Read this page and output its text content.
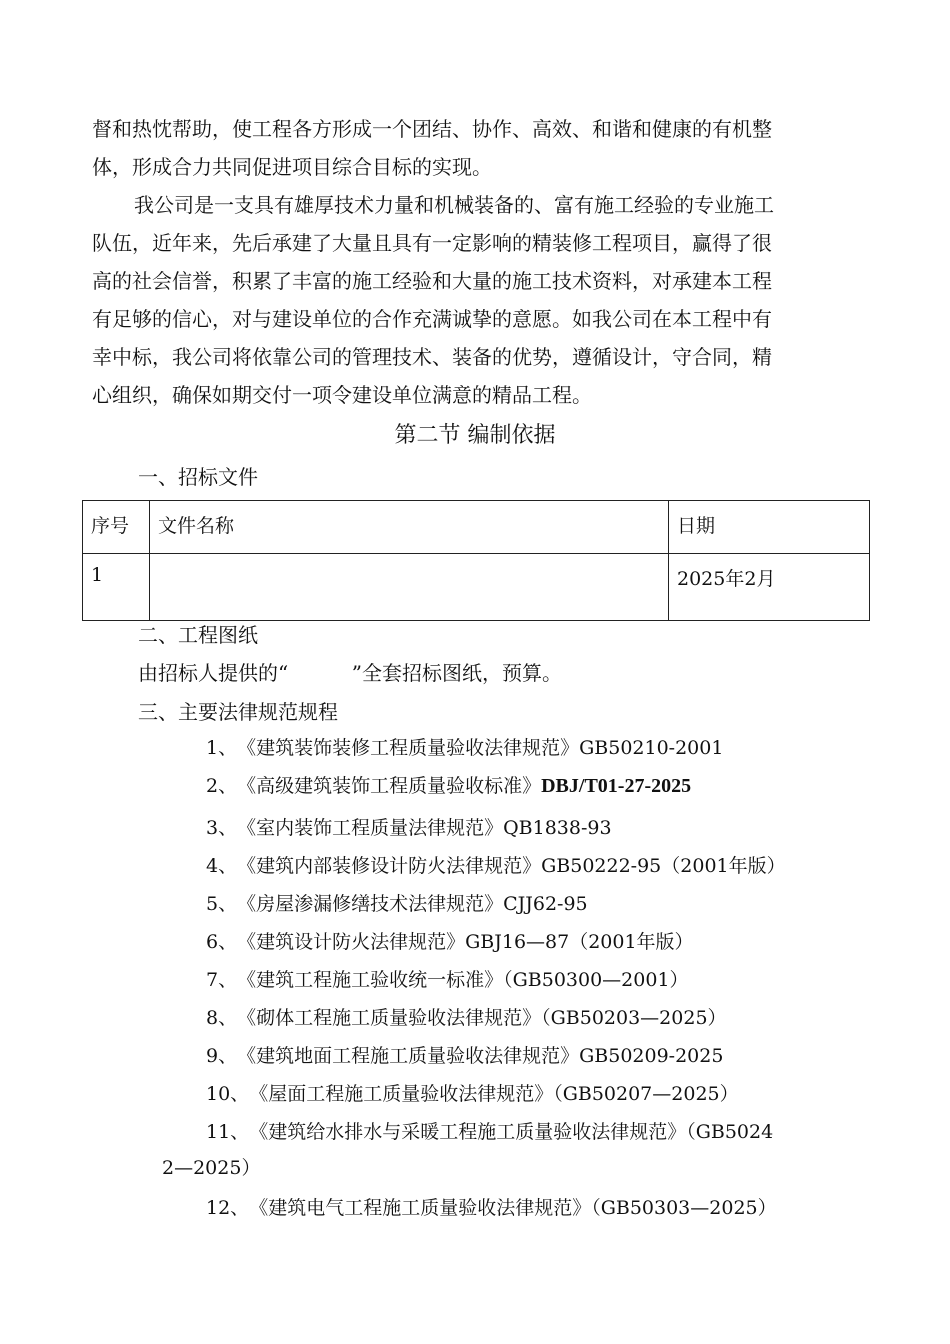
督和热忱帮助，使工程各方形成一个团结、协作、高效、和谐和健康的有机整
体，形成合力共同促进项目综合目标的实现。

我公司是一支具有雄厚技术力量和机械装备的、富有施工经验的专业施工
队伍，近年来，先后承建了大量且具有一定影响的精装修工程项目，赢得了很
高的社会信誉，积累了丰富的施工经验和大量的施工技术资料，对承建本工程
有足够的信心，对与建设单位的合作充满诚挚的意愿。如我公司在本工程中有
幸中标，我公司将依靠公司的管理技术、装备的优势，遵循设计，守合同，精
心组织，确保如期交付一项令建设单位满意的精品工程。

第二节 编制依据
一、招标文件
序号	文件名称	日期
1		2025年2月
二、工程图纸
由招标人提供的“          ”全套招标图纸，预算。
三、主要法律规范规程
1、《建筑装饰装修工程质量验收法律规范》GB50210-2001
2、《高级建筑装饰工程质量验收标准》DBJ/T01-27-2025
3、《室内装饰工程质量法律规范》QB1838-93
4、《建筑内部装修设计防火法律规范》GB50222-95（2001年版）
5、《房屋渗漏修缮技术法律规范》CJJ62-95
6、《建筑设计防火法律规范》GBJ16—87（2001年版）
7、《建筑工程施工验收统一标准》（GB50300—2001）
8、《砌体工程施工质量验收法律规范》（GB50203—2025）
9、《建筑地面工程施工质量验收法律规范》GB50209-2025
10、《屋面工程施工质量验收法律规范》（GB50207—2025）
11、《建筑给水排水与采暖工程施工质量验收法律规范》（GB5024
2—2025）
12、《建筑电气工程施工质量验收法律规范》（GB50303—2025）
